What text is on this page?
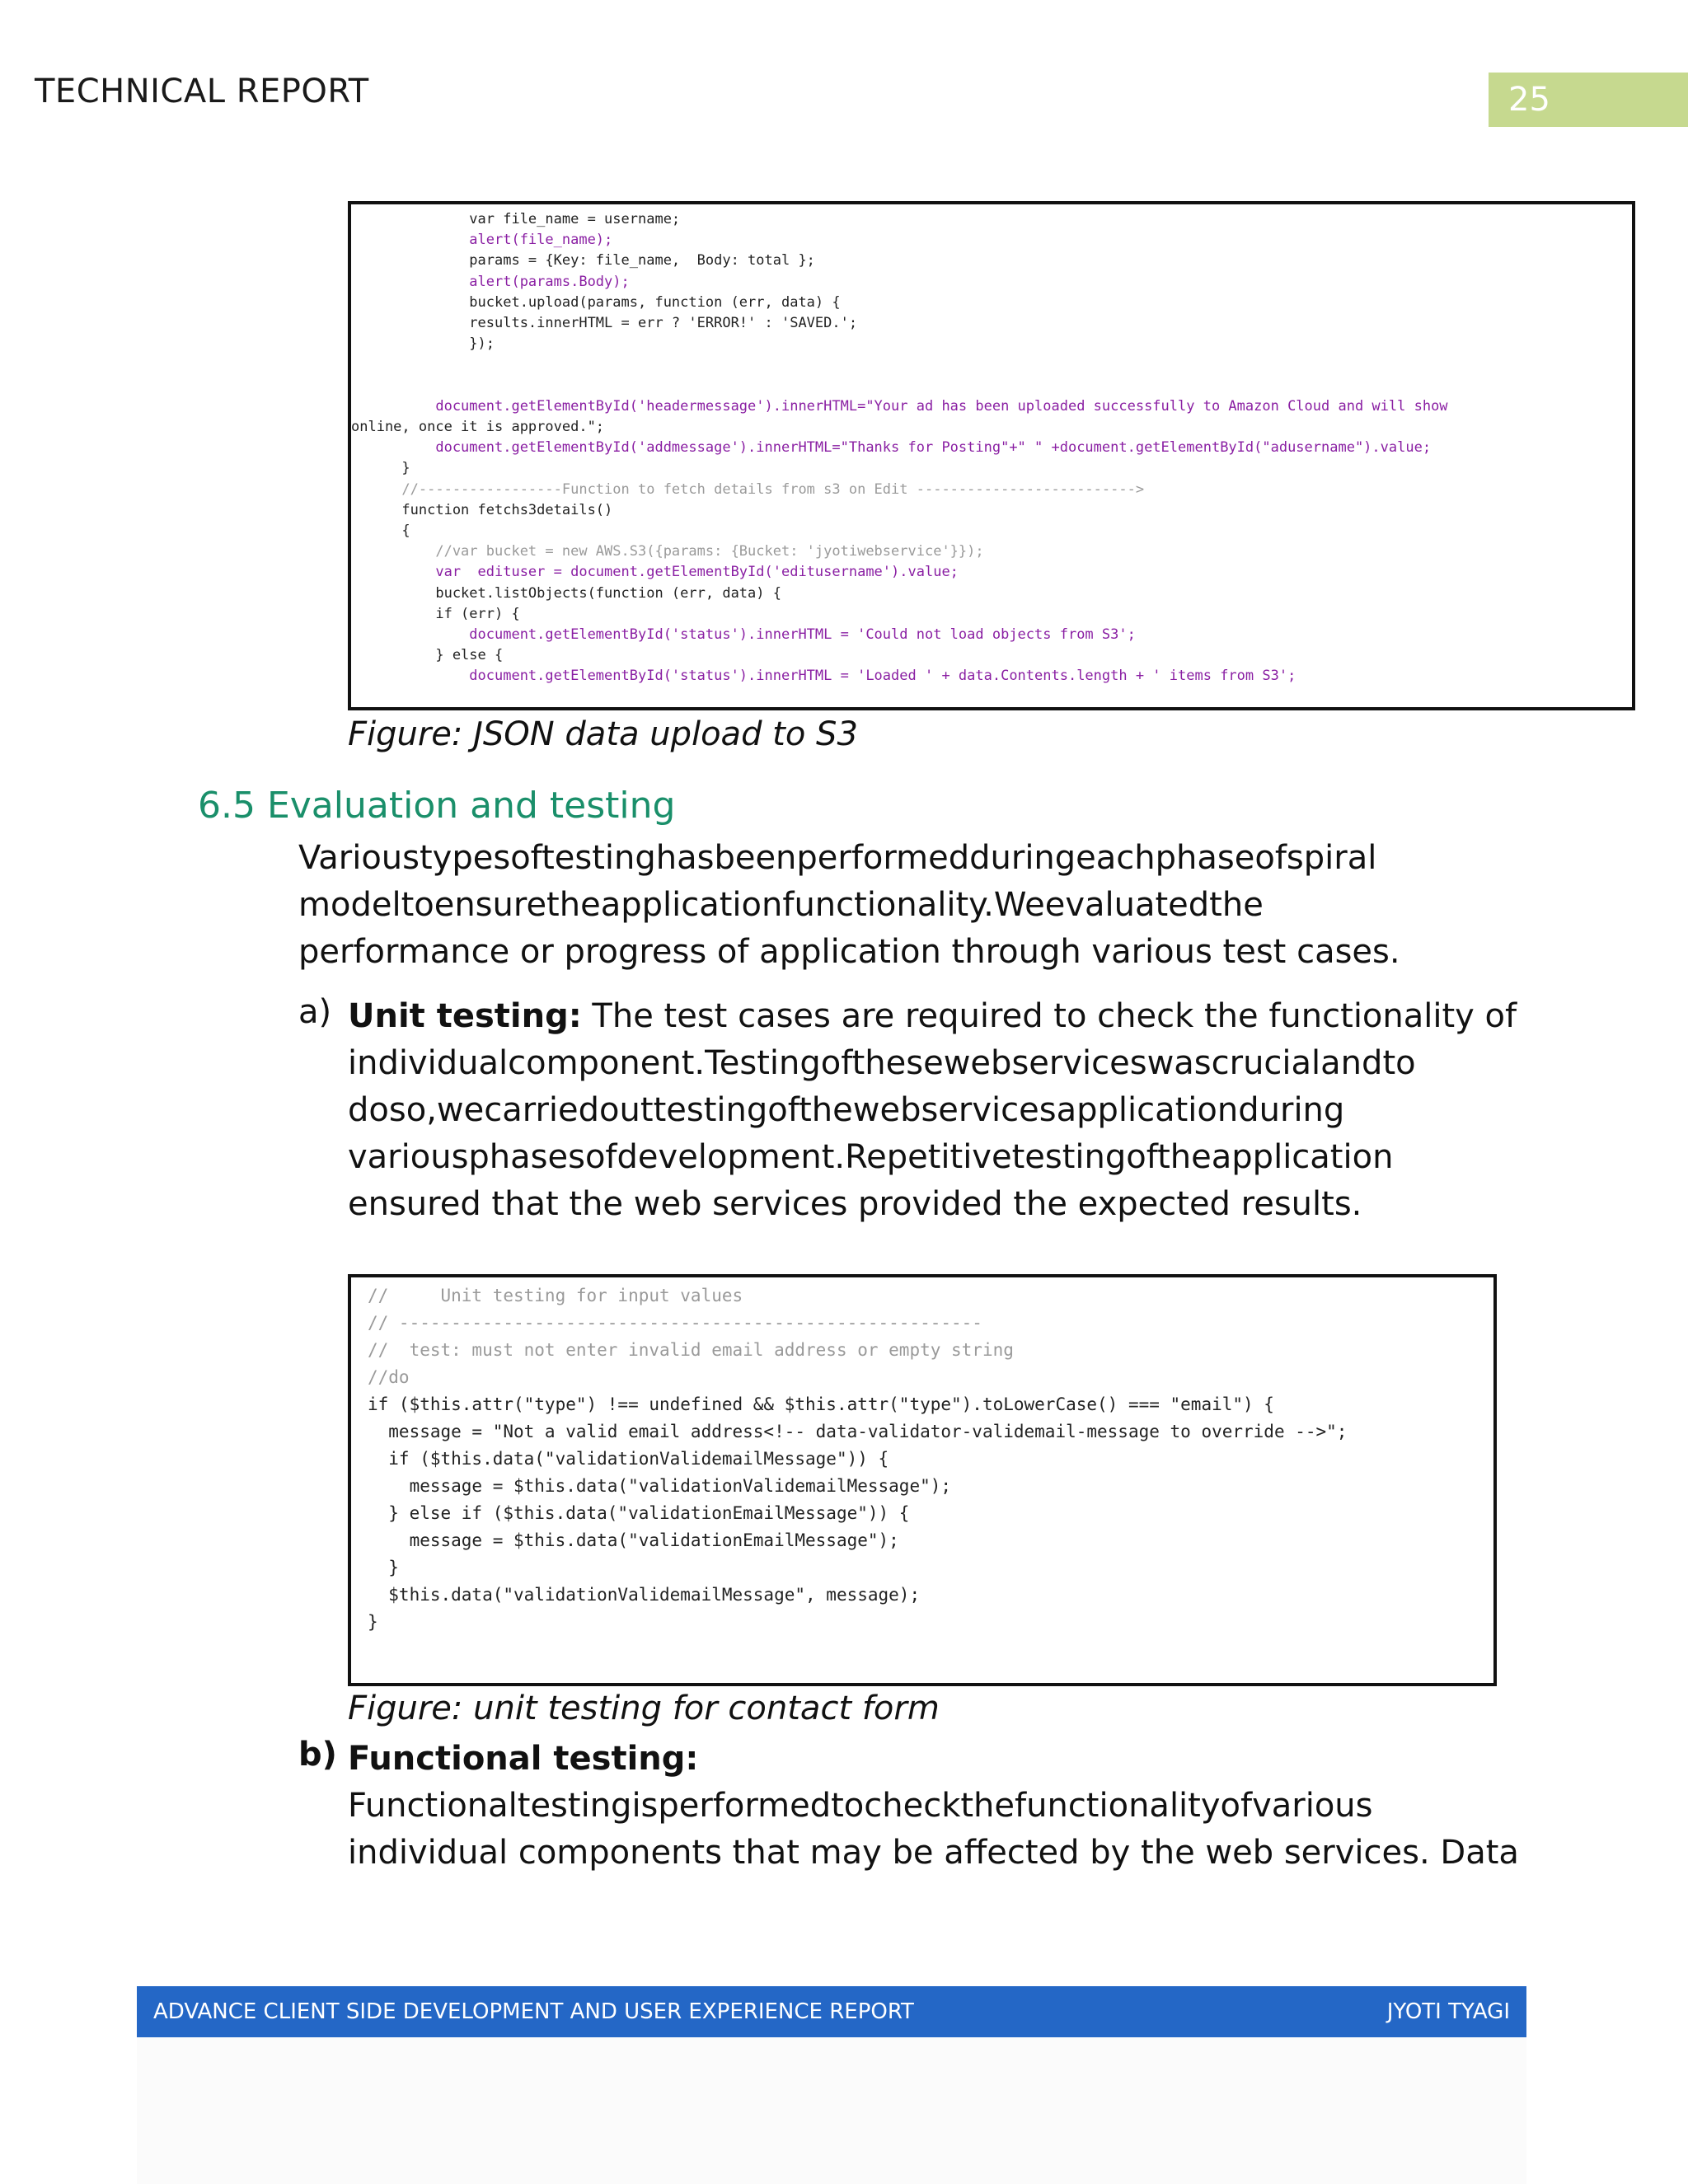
TECHNICAL REPORT	25
var file_name = username;
alert(file_name);
params = {Key: file_name,  Body: total };
alert(params.Body);
bucket.upload(params, function (err, data) {
results.innerHTML = err ? 'ERROR!' : 'SAVED.';
});
document.getElementById('headermessage').innerHTML="Your ad has been uploaded successfully to Amazon Cloud and will show
online, once it is approved.";
document.getElementById('addmessage').innerHTML="Thanks for Posting"+" " +document.getElementById("adusername").value;
}
//-----------------Function to fetch details from s3 on Edit -------------------------->
function fetchs3details()
{
//var bucket = new AWS.S3({params: {Bucket: 'jyotiwebservice'}});
var  edituser = document.getElementById('editusername').value;
bucket.listObjects(function (err, data) {
if (err) {
document.getElementById('status').innerHTML = 'Could not load objects from S3';
} else {
document.getElementById('status').innerHTML = 'Loaded ' + data.Contents.length + ' items from S3';
Figure: JSON data upload to S3
6.5 Evaluation and testing
Varioustypesoftestinghasbeenperformedduringeachphaseofspiral
modeltoensuretheapplicationfunctionality.Weevaluatedthe
performance or progress of application through various test cases.
a) Unit testing: The test cases are required to check the functionality of
individualcomponent.Testingofthesewebserviceswascrucialandto
doso,wecarriedouttestingofthewebservicesapplicationduring
variousphasesofdevelopment.Repetitivetestingoftheapplication
ensured that the web services provided the expected results.
//     Unit testing for input values
// --------------------------------------------------------
//  test: must not enter invalid email address or empty string
//do
if ($this.attr("type") !== undefined && $this.attr("type").toLowerCase() === "email") {
message = "Not a valid email address<!-- data-validator-validemail-message to override -->";
if ($this.data("validationValidemailMessage")) {
message = $this.data("validationValidemailMessage");
} else if ($this.data("validationEmailMessage")) {
message = $this.data("validationEmailMessage");
}
$this.data("validationValidemailMessage", message);
}
Figure: unit testing for contact form
b) Functional testing:
Functionaltestingisperformedtocheckthefunctionalityofvarious
individual components that may be affected by the web services. Data
ADVANCE CLIENT SIDE DEVELOPMENT AND USER EXPERIENCE REPORT	JYOTI TYAGI
